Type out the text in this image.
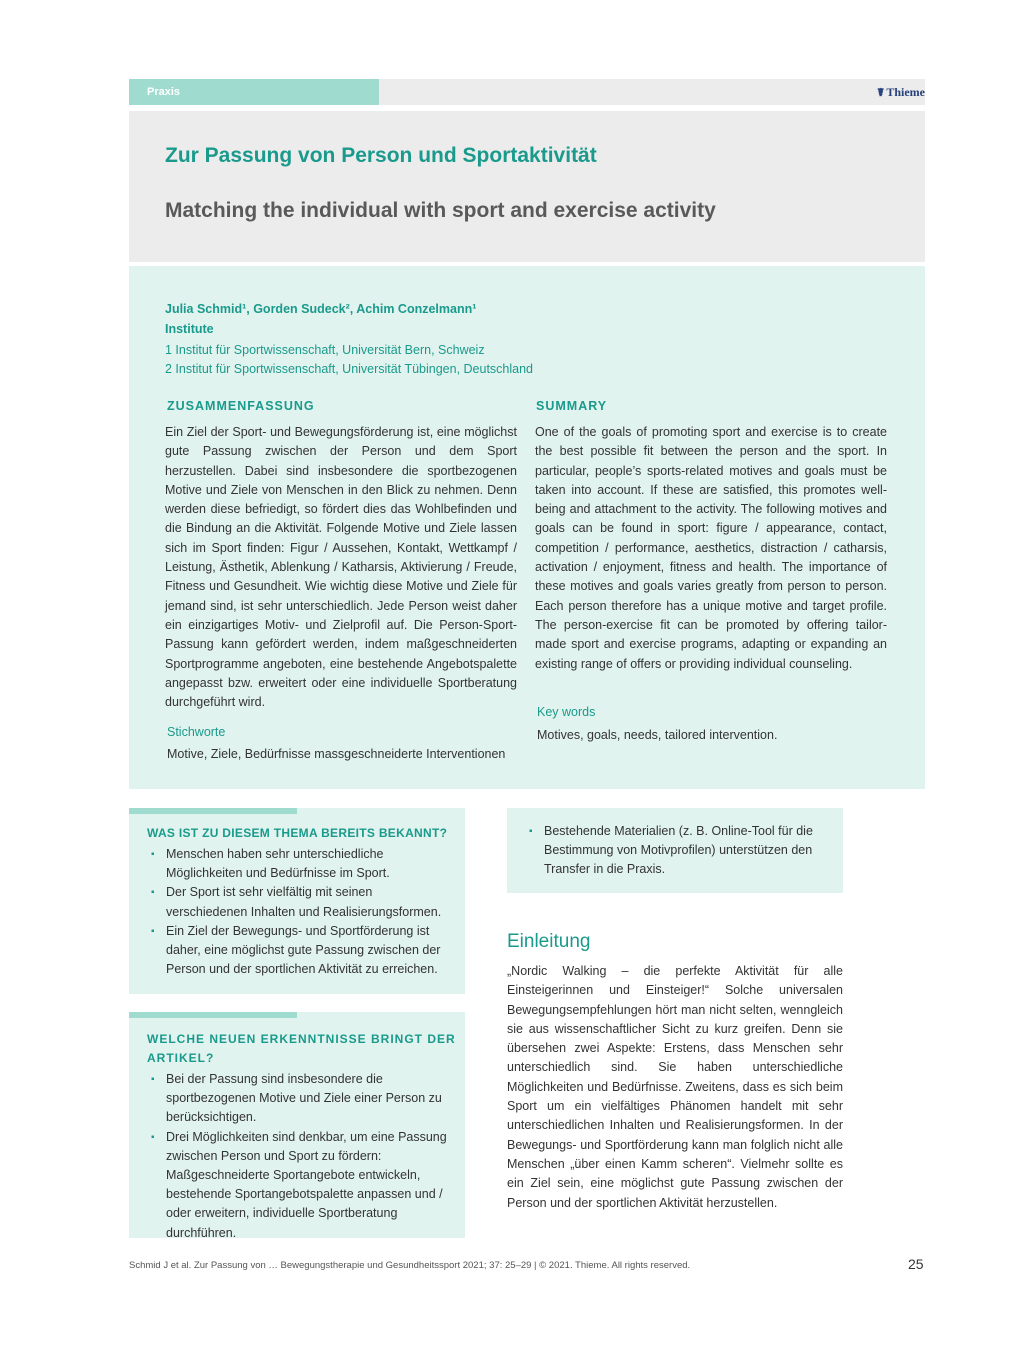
Praxis	☤ Thieme
Zur Passung von Person und Sportaktivität
Matching the individual with sport and exercise activity
Julia Schmid¹, Gorden Sudeck², Achim Conzelmann¹
Institute
1 Institut für Sportwissenschaft, Universität Bern, Schweiz
2 Institut für Sportwissenschaft, Universität Tübingen, Deutschland
ZUSAMMENFASSUNG
Ein Ziel der Sport- und Bewegungsförderung ist, eine möglichst gute Passung zwischen der Person und dem Sport herzustellen. Dabei sind insbesondere die sportbezogenen Motive und Ziele von Menschen in den Blick zu nehmen. Denn werden diese befriedigt, so fördert dies das Wohlbefinden und die Bindung an die Aktivität. Folgende Motive und Ziele lassen sich im Sport finden: Figur / Aussehen, Kontakt, Wettkampf / Leistung, Ästhetik, Ablenkung / Katharsis, Aktivierung / Freude, Fitness und Gesundheit. Wie wichtig diese Motive und Ziele für jemand sind, ist sehr unterschiedlich. Jede Person weist daher ein einzigartiges Motiv- und Zielprofil auf. Die Person-Sport-Passung kann gefördert werden, indem maßgeschneiderten Sportprogramme angeboten, eine bestehende Angebotspalette angepasst bzw. erweitert oder eine individuelle Sportberatung durchgeführt wird.
Stichworte
Motive, Ziele, Bedürfnisse massgeschneiderte Interventionen
SUMMARY
One of the goals of promoting sport and exercise is to create the best possible fit between the person and the sport. In particular, people’s sports-related motives and goals must be taken into account. If these are satisfied, this promotes well-being and attachment to the activity. The following motives and goals can be found in sport: figure / appearance, contact, competition / performance, aesthetics, distraction / catharsis, activation / enjoyment, fitness and health. The importance of these motives and goals varies greatly from person to person. Each person therefore has a unique motive and target profile. The person-exercise fit can be promoted by offering tailor-made sport and exercise programs, adapting or expanding an existing range of offers or providing individual counseling.
Key words
Motives, goals, needs, tailored intervention.
WAS IST ZU DIESEM THEMA BEREITS BEKANNT?
▪ Menschen haben sehr unterschiedliche Möglichkeiten und Bedürfnisse im Sport.
▪ Der Sport ist sehr vielfältig mit seinen verschiedenen Inhalten und Realisierungsformen.
▪ Ein Ziel der Bewegungs- und Sportförderung ist daher, eine möglichst gute Passung zwischen der Person und der sportlichen Aktivität zu erreichen.
WELCHE NEUEN ERKENNTNISSE BRINGT DER ARTIKEL?
▪ Bei der Passung sind insbesondere die sportbezogenen Motive und Ziele einer Person zu berücksichtigen.
▪ Drei Möglichkeiten sind denkbar, um eine Passung zwischen Person und Sport zu fördern: Maßgeschneiderte Sportangebote entwickeln, bestehende Sportangebotspalette anpassen und / oder erweitern, individuelle Sportberatung durchführen.
▪ Bestehende Materialien (z. B. Online-Tool für die Bestimmung von Motivprofilen) unterstützen den Transfer in die Praxis.
Einleitung
„Nordic Walking – die perfekte Aktivität für alle Einsteigerinnen und Einsteiger!“ Solche universalen Bewegungsempfehlungen hört man nicht selten, wenngleich sie aus wissenschaftlicher Sicht zu kurz greifen. Denn sie übersehen zwei Aspekte: Erstens, dass Menschen sehr unterschiedlich sind. Sie haben unterschiedliche Möglichkeiten und Bedürfnisse. Zweitens, dass es sich beim Sport um ein vielfältiges Phänomen handelt mit sehr unterschiedlichen Inhalten und Realisierungsformen. In der Bewegungs- und Sportförderung kann man folglich nicht alle Menschen „über einen Kamm scheren“. Vielmehr sollte es ein Ziel sein, eine möglichst gute Passung zwischen der Person und der sportlichen Aktivität herzustellen.
Schmid J et al. Zur Passung von … Bewegungstherapie und Gesundheitssport 2021; 37: 25–29 | © 2021. Thieme. All rights reserved.	25
